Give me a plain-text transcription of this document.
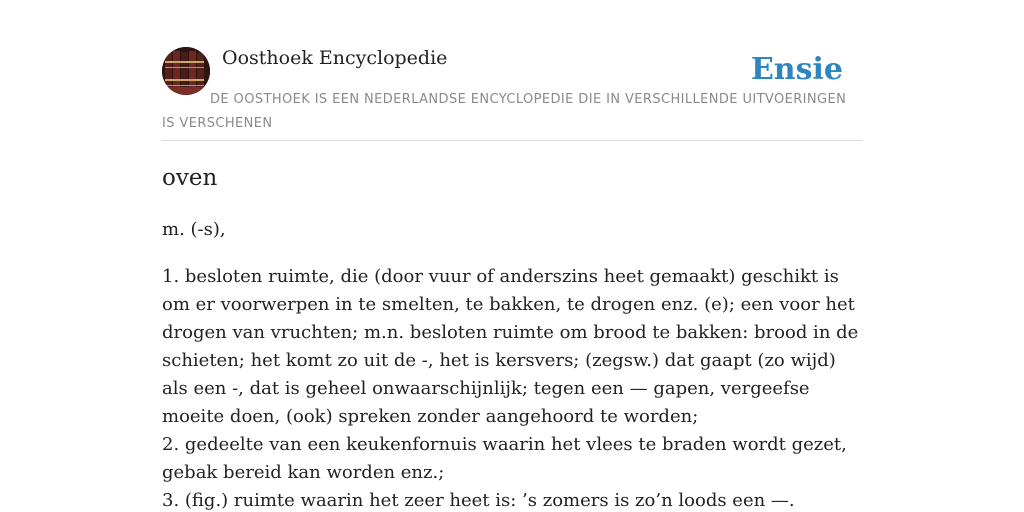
Oosthoek Encyclopedie	Ensie
DE OOSTHOEK IS EEN NEDERLANDSE ENCYCLOPEDIE DIE IN VERSCHILLENDE UITVOERINGEN IS VERSCHENEN
oven
m. (-s),

1. besloten ruimte, die (door vuur of anderszins heet gemaakt) geschikt is om er voorwerpen in te smelten, te bakken, te drogen enz. (e); een voor het drogen van vruchten; m.n. besloten ruimte om brood te bakken: brood in de schieten; het komt zo uit de -, het is kersvers; (zegsw.) dat gaapt (zo wijd) als een -, dat is geheel onwaarschijnlijk; tegen een — gapen, vergeefse moeite doen, (ook) spreken zonder aangehoord te worden;

2. gedeelte van een keukenfornuis waarin het vlees te braden wordt gezet, gebak bereid kan worden enz.;

3. (fig.) ruimte waarin het zeer heet is: ’s zomers is zo’n loods een —.
